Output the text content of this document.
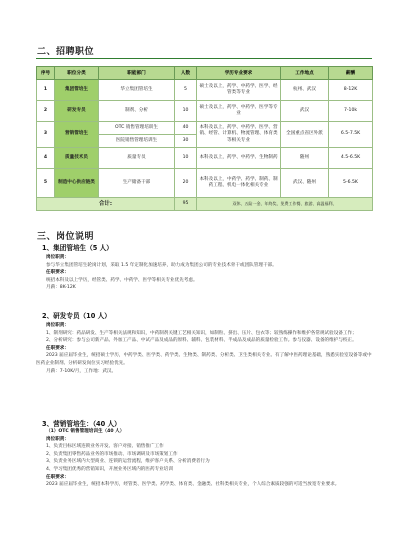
二、招聘职位
序号	职位分类	职能部门	人数	学历专业要求	工作地点	薪酬
1	集团管培生	华立集团管培生	5	硕士及以上，药学、中药学、医学、经管类等专业	杭州、武汉	8-12K
2	研发专员	制剂、分析	10	硕士及以上，药学、中药学、医学等专业	武汉	7-10k
3	营销管培生	OTC 销售管理培训生	40	本科及以上，药学、中药学、医学、营销、经管、计算机、物流管理、体育类等相关专业	全国重点省区外派	6.5-7.5K
		医院销售管理培训生	30			
4	质量技术员	质量专员	10	本科及以上，药学、中药学、生物制药	随州	4.5-6.5K
5	制造中心供应链类	生产储备干部	20	本科及以上，中药学、药学、制药、制药工程、机电一体化相关专业	武汉、随州	5-6.5K
合计:			95	双休、五险一金、年终奖、免费工作餐、旅游、高温福利、		
三、岗位说明
1、集团管培生（5 人）
岗位职责：
参与华立集团管培生轮岗计划，采取 1.5 年定制化加速培养，助力成为集团公司的专业技术骨干或团队管理干部。
任职要求：
统招本科及以上学历，经管类、药学、中药学、医学等相关专业优先考虑。
月薪：8K-12K
2、研发专员（10 人）
岗位职责：
1、制剂研究：药品研发、生产等相关法规和知识，中药制剂关键工艺相关知识，如制粒、挤出、压片、包衣等；较熟练操作和维护各常规试验设备工作；
2、分析研究：参与公司新产品、外加工产品、中试产品及成品的原料、辅料、包装材料、半成品及成品的质量检验工作。参与仪器、设备的维护与校正。
任职要求：
2023 届应届毕业生，统招硕士学历，中药学类、医学类、药学类、生物类、制药类、分析类、卫生类相关专业。有了解中医药理论基础，熟悉实验室设备等或中医药企业制剂、分析研发岗位实习经验优先。
月薪：7-10K/月，工作地：武汉。
3、营销管培生：（40 人）
（1）OTC 销售管理培训生（40 人）
岗位职责：
1、负责目标区域连锁业务开发、客户对接、销售推广工作
2、负责集团零售药品业务的市场推动、市场调研及市场策划工作
3、负责业务区域内大型商业、连锁的运营流程，维护客户关系、分析消费者行为
4、学习集团优秀的营销知识，开展业务区域内的医药专业培训
任职要求：
2023 届应届毕业生，统招本科学历，经管类、医学类、药学类、体育类、金融类、社科类相关专业，个人综合素质较强的可适当放宽专业要求。
